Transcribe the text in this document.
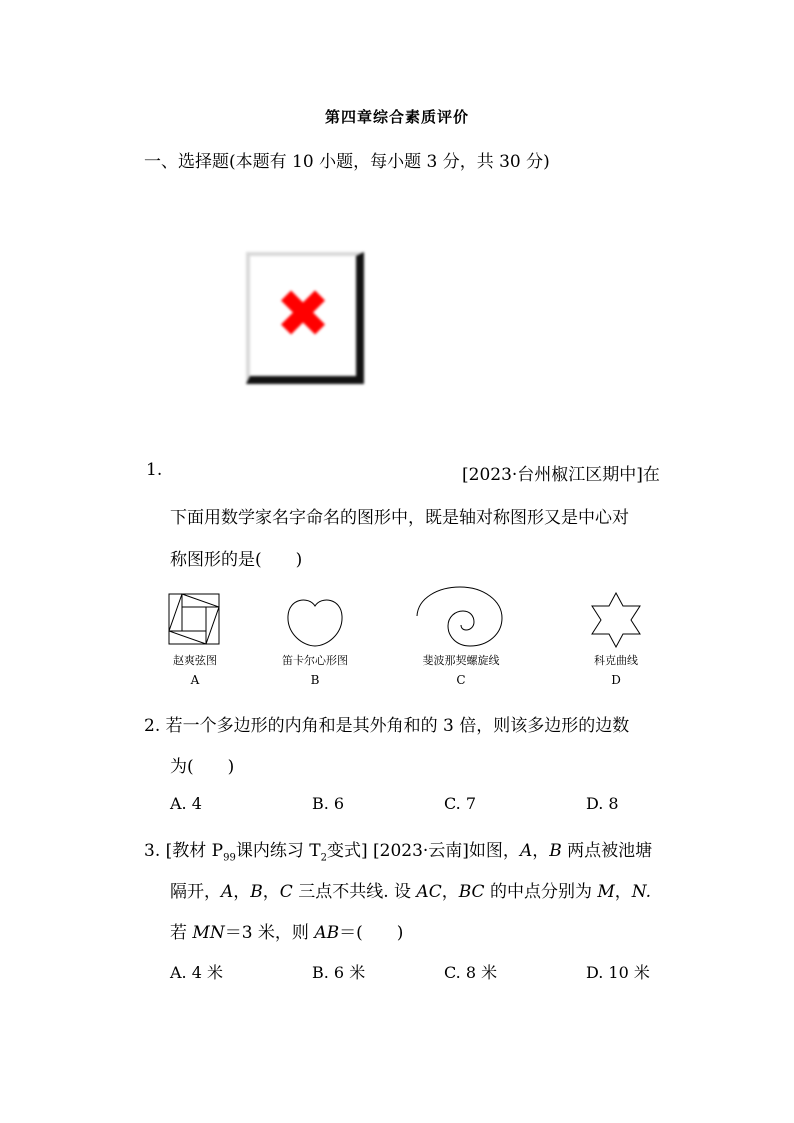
第四章综合素质评价
一、选择题(本题有 10 小题，每小题 3 分，共 30 分)
✖
1.	[2023·台州椒江区期中]在
下面用数学家名字命名的图形中，既是轴对称图形又是中心对
称图形的是(　　)
赵爽弦图	笛卡尔心形图	斐波那契螺旋线	科克曲线
A	B	C	D
2. 若一个多边形的内角和是其外角和的 3 倍，则该多边形的边数
为(　　)
A. 4	B. 6	C. 7	D. 8
3. [教材 $P_{99}$课内练习 $T_2$变式] [2023·云南]如图，A，B 两点被池塘
隔开，A，B，C 三点不共线. 设 AC，BC 的中点分别为 M，N.
若 MN＝3 米，则 AB＝(　　)
A. 4 米	B. 6 米	C. 8 米	D. 10 米
